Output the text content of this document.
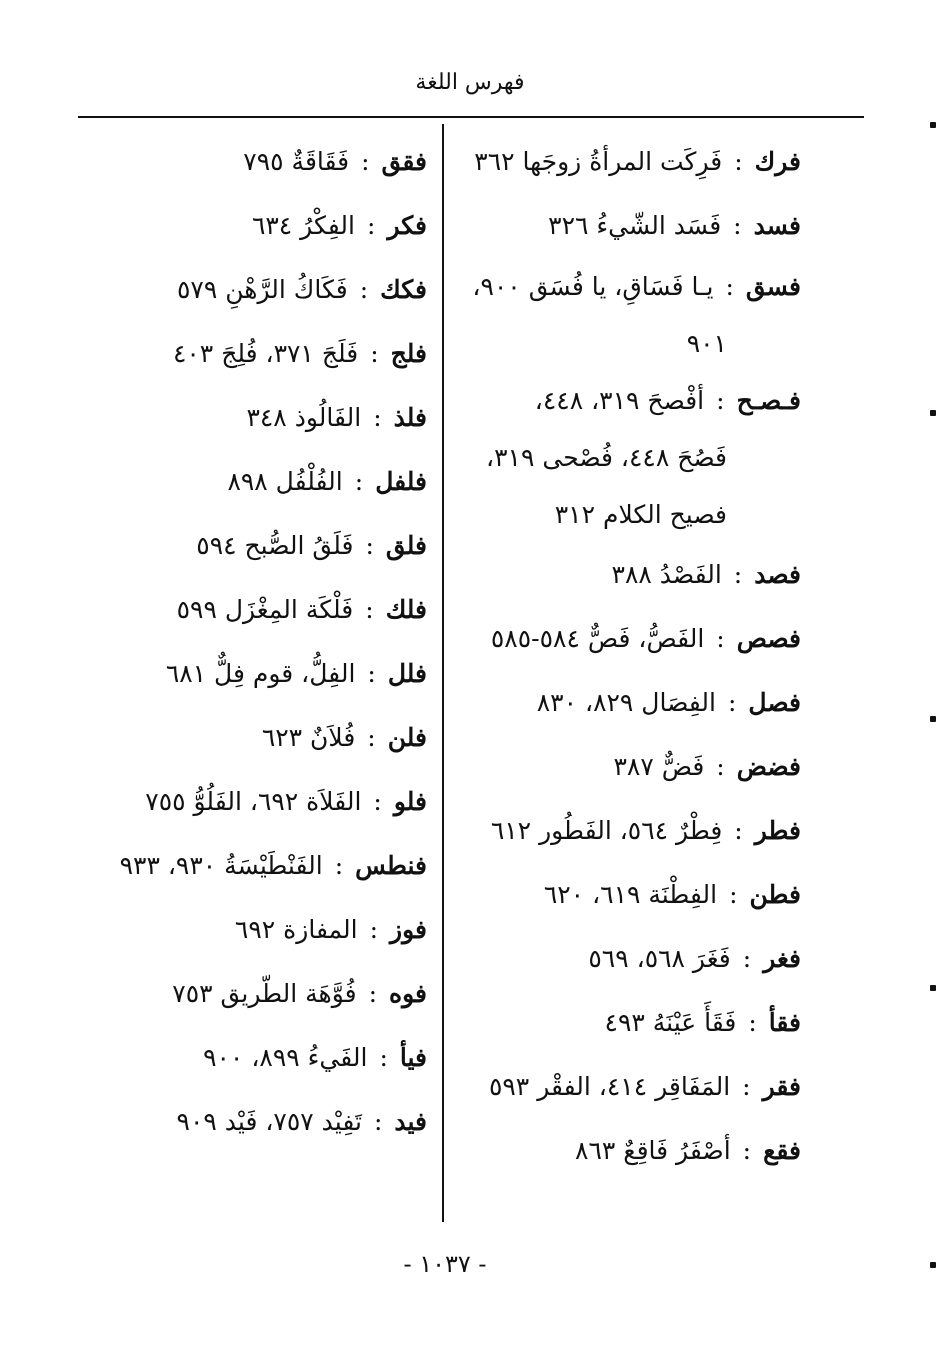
فهرس اللغة
فرك:فَرِكَت المرأةُ زوجَها ٣٦٢
فسد:فَسَد الشّيءُ ٣٢٦
فسق:يـا فَسَاقِ، يا فُسَق ٩٠٠،
٩٠١
فـصـح:أفْصحَ ٣١٩، ٤٤٨،
فَصُحَ ٤٤٨، فُصْحى ٣١٩،
فصيح الكلام ٣١٢
فصد:الفَصْدُ ٣٨٨
فصص:الفَصُّ، فَصٌّ ٥٨٤-٥٨٥
فصل:الفِصَال ٨٢٩، ٨٣٠
فضض:فَضٌّ ٣٨٧
فطر:فِطْرٌ ٥٦٤، الفَطُور ٦١٢
فطن:الفِطْنَة ٦١٩، ٦٢٠
فغر:فَغَرَ ٥٦٨، ٥٦٩
فقأ:فَقَأَ عَيْنَهُ ٤٩٣
فقر:المَفَاقِر ٤١٤، الفقْر ٥٩٣
فقع:أصْفَرُ فَاقِعٌ ٨٦٣
فقق:فَقَاقَةٌ ٧٩٥
فكر:الفِكْرُ ٦٣٤
فكك:فَكَاكُ الرَّهْنِ ٥٧٩
فلج:فَلَجَ ٣٧١، فُلِجَ ٤٠٣
فلذ:الفَالُوذ ٣٤٨
فلفل:الفُلْفُل ٨٩٨
فلق:فَلَقُ الصُّبح ٥٩٤
فلك:فَلْكَة المِغْزَل ٥٩٩
فلل:الفِلُّ، قوم فِلٌّ ٦٨١
فلن:فُلاَنٌ ٦٢٣
فلو:الفَلاَة ٦٩٢، الفَلُوُّ ٧٥٥
فنطس:الفَنْطَيْسَةُ ٩٣٠، ٩٣٣
فوز:المفازة ٦٩٢
فوه:فُوَّهَة الطّريق ٧٥٣
فيأ:الفَيءُ ٨٩٩، ٩٠٠
فيد:تَفِيْد ٧٥٧، فَيْد ٩٠٩
- ١٠٣٧ -
